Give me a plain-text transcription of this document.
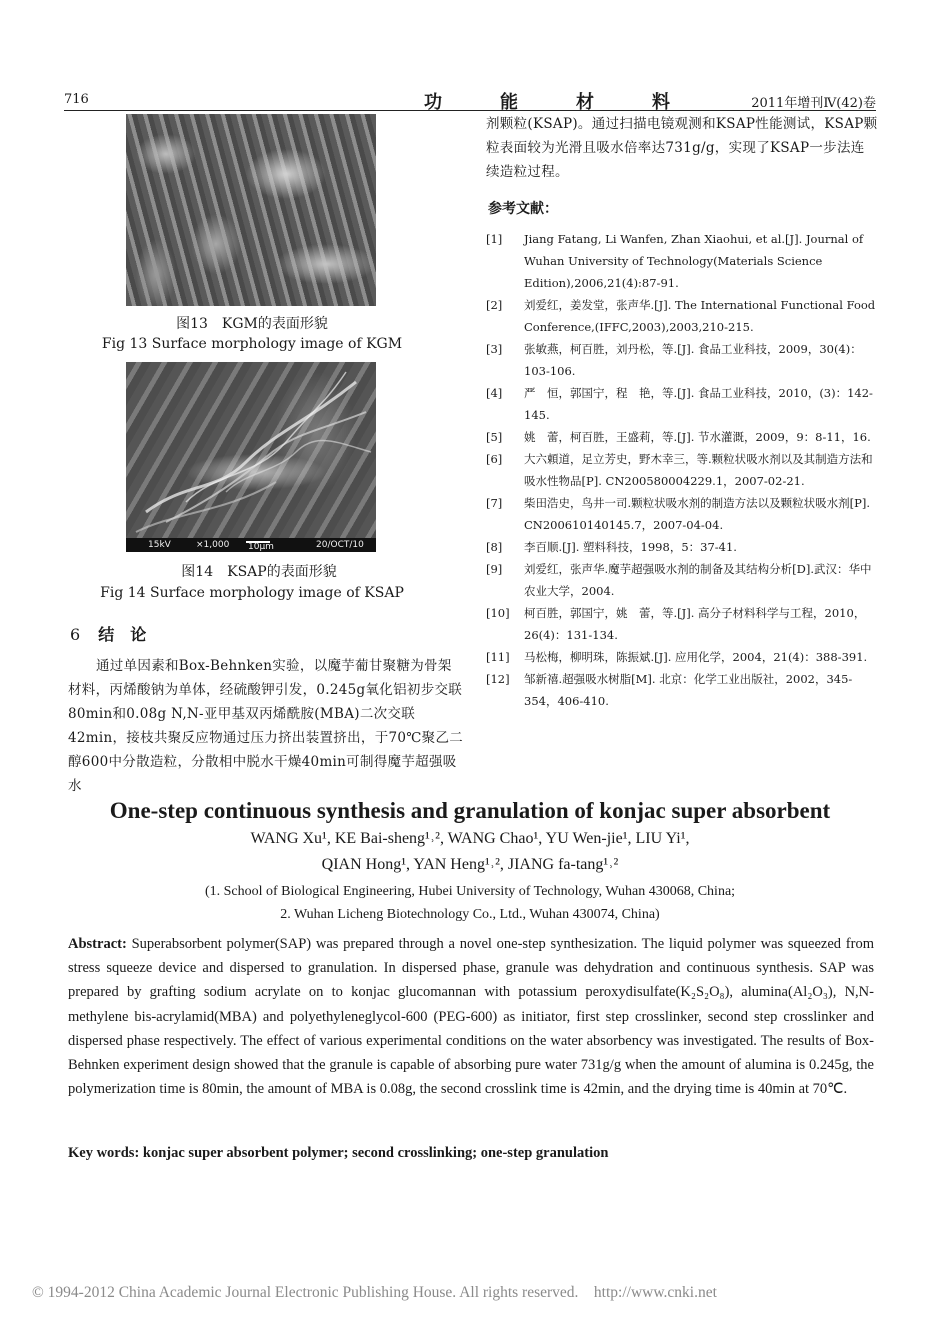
716	功能材料 2011年增刊Ⅳ(42)卷
图13　KGM的表面形貌
Fig 13 Surface morphology image of KGM
15kV	×1,000 10μm	20/OCT/10
图14　KSAP的表面形貌
Fig 14 Surface morphology image of KSAP
6 结　论
通过单因素和Box-Behnken实验，以魔芋葡甘聚糖为骨架材料，丙烯酸钠为单体，经硫酸钾引发，0.245g氧化铝初步交联80min和0.08g N,N-亚甲基双丙烯酰胺(MBA)二次交联42min，接枝共聚反应物通过压力挤出装置挤出，于70℃聚乙二醇600中分散造粒，分散相中脱水干燥40min可制得魔芋超强吸水
剂颗粒(KSAP)。通过扫描电镜观测和KSAP性能测试，KSAP颗粒表面较为光滑且吸水倍率达731g/g，实现了KSAP一步法连续造粒过程。
参考文献：
[1] Jiang Fatang, Li Wanfen, Zhan Xiaohui, et al.[J]. Journal of Wuhan University of Technology(Materials Science Edition),2006,21(4):87-91.
[2] 刘爱红，姜发堂，张声华.[J]. The International Functional Food Conference,(IFFC,2003),2003,210-215.
[3] 张敏燕，柯百胜，刘丹松，等.[J]. 食品工业科技，2009，30(4)：103-106.
[4] 严　恒，郭国宁，程　艳，等.[J]. 食品工业科技，2010，(3)：142-145.
[5] 姚　蕾，柯百胜，王盛莉，等.[J]. 节水灌溉，2009，9：8-11，16.
[6] 大六頼道，足立芳史，野木幸三，等.颗粒状吸水剂以及其制造方法和吸水性物品[P]. CN200580004229.1，2007-02-21.
[7] 柴田浩史，鸟井一司.颗粒状吸水剂的制造方法以及颗粒状吸水剂[P]. CN200610140145.7，2007-04-04.
[8] 李百顺.[J]. 塑料科技，1998，5：37-41.
[9] 刘爱红，张声华.魔芋超强吸水剂的制备及其结构分析[D].武汉：华中农业大学，2004.
[10] 柯百胜，郭国宁，姚　蕾，等.[J]. 高分子材料科学与工程，2010，26(4)：131-134.
[11] 马松梅，柳明珠，陈振斌.[J]. 应用化学，2004，21(4)：388-391.
[12] 邹新禧.超强吸水树脂[M]. 北京：化学工业出版社，2002，345-354，406-410.
One-step continuous synthesis and granulation of konjac super absorbent
WANG Xu¹, KE Bai-sheng¹˒², WANG Chao¹, YU Wen-jie¹, LIU Yi¹,
QIAN Hong¹, YAN Heng¹˒², JIANG fa-tang¹˒²
(1. School of Biological Engineering, Hubei University of Technology, Wuhan 430068, China;
2. Wuhan Licheng Biotechnology Co., Ltd., Wuhan 430074, China)
Abstract: Superabsorbent polymer(SAP) was prepared through a novel one-step synthesization. The liquid polymer was squeezed from stress squeeze device and dispersed to granulation. In dispersed phase, granule was dehydration and continuous synthesis. SAP was prepared by grafting sodium acrylate on to konjac glucomannan with potassium peroxydisulfate(K₂S₂O₈), alumina(Al₂O₃), N,N-methylene bis-acrylamid(MBA) and polyethyleneglycol-600 (PEG-600) as initiator, first step crosslinker, second step crosslinker and dispersed phase respectively. The effect of various experimental conditions on the water absorbency was investigated. The results of Box-Behnken experiment design showed that the granule is capable of absorbing pure water 731g/g when the amount of alumina is 0.245g, the polymerization time is 80min, the amount of MBA is 0.08g, the second crosslink time is 42min, and the drying time is 40min at 70℃.
Key words: konjac super absorbent polymer; second crosslinking; one-step granulation
© 1994-2012 China Academic Journal Electronic Publishing House. All rights reserved.    http://www.cnki.net
